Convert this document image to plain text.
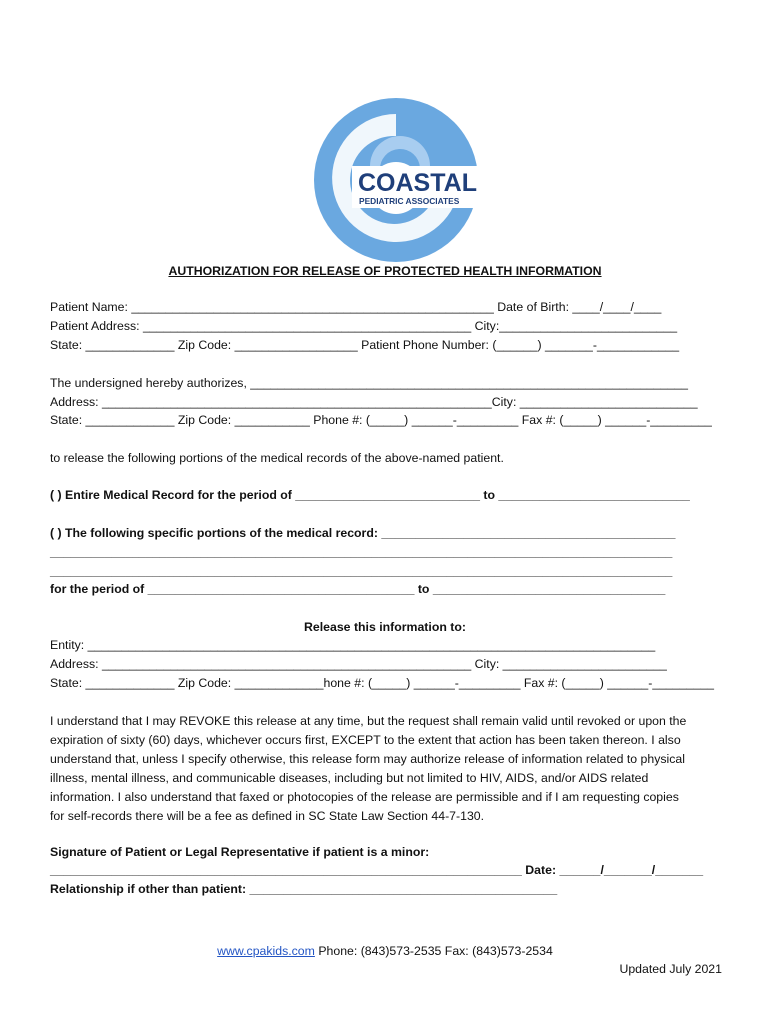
COASTAL
PEDIATRIC ASSOCIATES
AUTHORIZATION FOR RELEASE OF PROTECTED HEALTH INFORMATION
Patient Name: _____________________________________________________ Date of Birth: ____/____/____
Patient Address: ________________________________________________ City:__________________________
State: _____________ Zip Code: __________________ Patient Phone Number: (______) _______-____________
The undersigned hereby authorizes, ________________________________________________________________
Address: _________________________________________________________City: __________________________
State: _____________ Zip Code: ___________ Phone #: (_____) ______-_________ Fax #: (_____) ______-_________
to release the following portions of the medical records of the above-named patient.
( ) Entire Medical Record for the period of ___________________________ to ____________________________
( ) The following specific portions of the medical record: ___________________________________________
___________________________________________________________________________________________
___________________________________________________________________________________________
for the period of _______________________________________ to __________________________________
Release this information to:
Entity: ___________________________________________________________________________________
Address: ______________________________________________________ City: ________________________
State: _____________ Zip Code: _____________hone #: (_____) ______-_________ Fax #: (_____) ______-_________

I understand that I may REVOKE this release at any time, but the request shall remain valid until revoked or upon the

expiration of sixty (60) days, whichever occurs first, EXCEPT to the extent that action has been taken thereon. I also

understand that, unless I specify otherwise, this release form may authorize release of information related to physical

illness, mental illness, and communicable diseases, including but not limited to HIV, AIDS, and/or AIDS related

information. I also understand that faxed or photocopies of the release are permissible and if I am requesting copies

for self-records there will be a fee as defined in SC State Law Section 44-7-130.

Signature of Patient or Legal Representative if patient is a minor:
_____________________________________________________________________ Date: ______/_______/_______
Relationship if other than patient: _____________________________________________
www.cpakids.com Phone: (843)573-2535 Fax: (843)573-2534
Updated July 2021
